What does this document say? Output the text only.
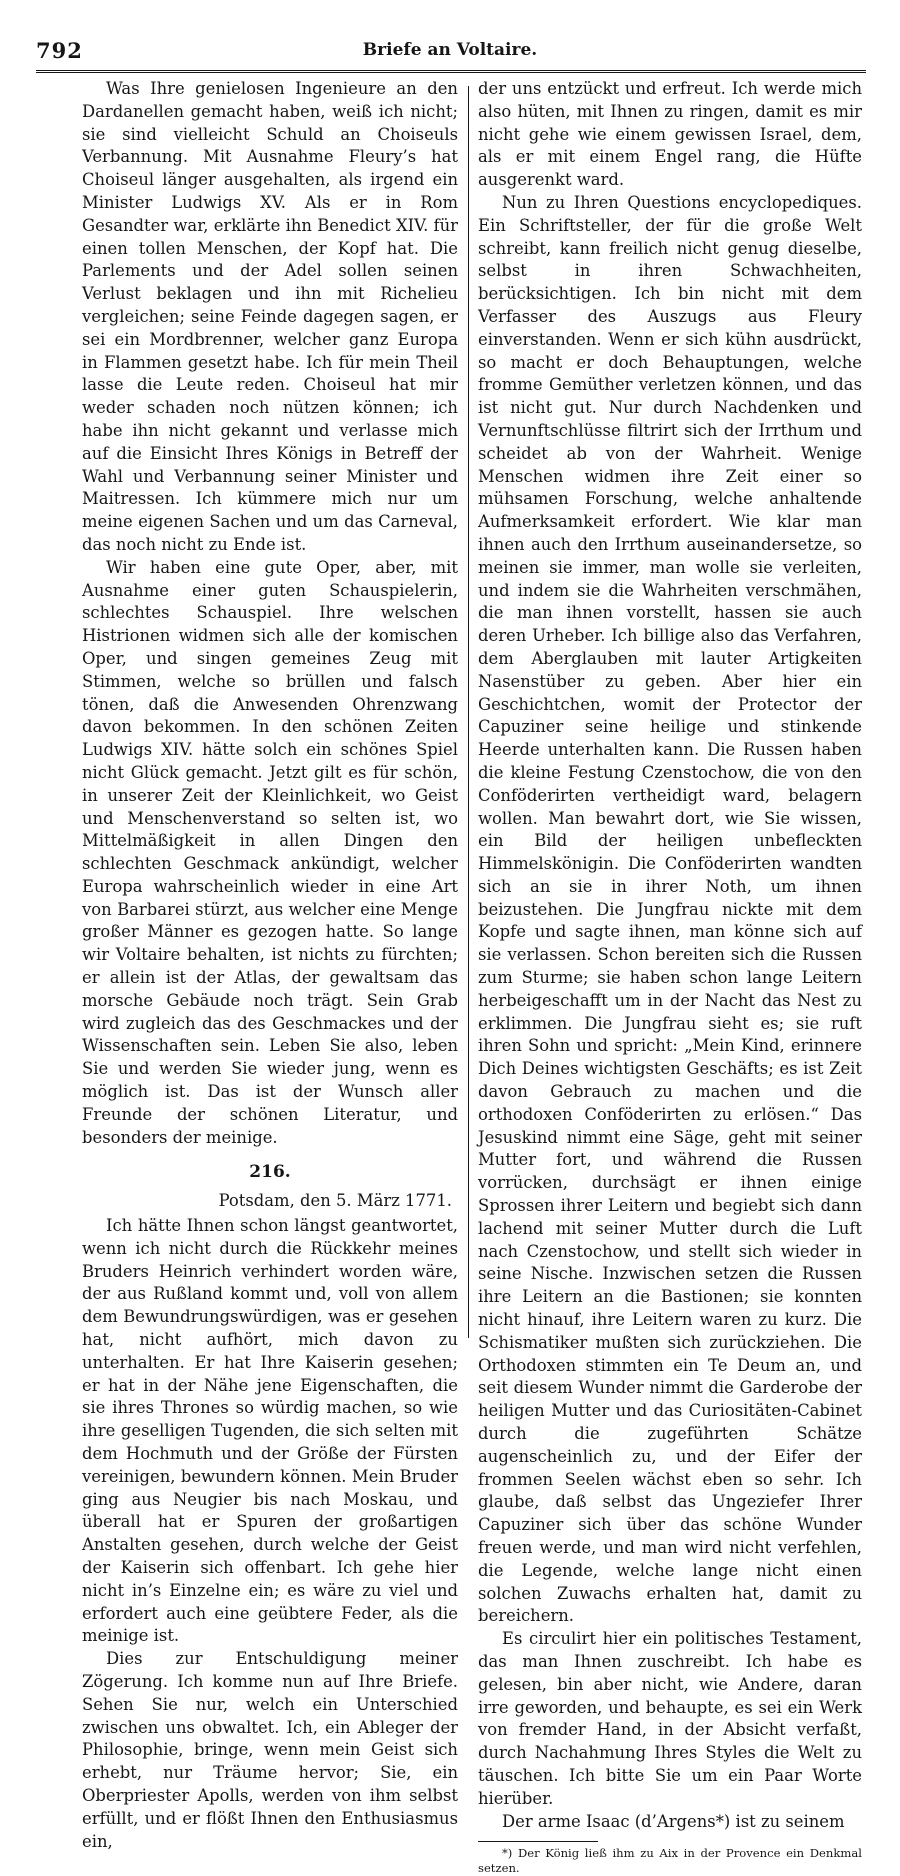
792	Briefe an Voltaire.

Was Ihre genielosen Ingenieure an den Dardanellen gemacht haben, weiß ich nicht; sie sind vielleicht Schuld an Choiseuls Verbannung. Mit Ausnahme Fleury’s hat Choiseul länger ausgehalten, als irgend ein Minister Ludwigs XV. Als er in Rom Gesandter war, erklärte ihn Benedict XIV. für einen tollen Menschen, der Kopf hat. Die Parlements und der Adel sollen seinen Verlust beklagen und ihn mit Richelieu vergleichen; seine Feinde dagegen sagen, er sei ein Mordbrenner, welcher ganz Europa in Flammen gesetzt habe. Ich für mein Theil lasse die Leute reden. Choiseul hat mir weder schaden noch nützen können; ich habe ihn nicht gekannt und verlasse mich auf die Einsicht Ihres Königs in Betreff der Wahl und Verbannung seiner Minister und Maitressen. Ich kümmere mich nur um meine eigenen Sachen und um das Carneval, das noch nicht zu Ende ist.

Wir haben eine gute Oper, aber, mit Ausnahme einer guten Schauspielerin, schlechtes Schauspiel. Ihre welschen Histrionen widmen sich alle der komischen Oper, und singen gemeines Zeug mit Stimmen, welche so brüllen und falsch tönen, daß die Anwesenden Ohrenzwang davon bekommen. In den schönen Zeiten Ludwigs XIV. hätte solch ein schönes Spiel nicht Glück gemacht. Jetzt gilt es für schön, in unserer Zeit der Kleinlichkeit, wo Geist und Menschenverstand so selten ist, wo Mittelmäßigkeit in allen Dingen den schlechten Geschmack ankündigt, welcher Europa wahrscheinlich wieder in eine Art von Barbarei stürzt, aus welcher eine Menge großer Männer es gezogen hatte. So lange wir Voltaire behalten, ist nichts zu fürchten; er allein ist der Atlas, der gewaltsam das morsche Gebäude noch trägt. Sein Grab wird zugleich das des Geschmackes und der Wissenschaften sein. Leben Sie also, leben Sie und werden Sie wieder jung, wenn es möglich ist. Das ist der Wunsch aller Freunde der schönen Literatur, und besonders der meinige.

216.
Potsdam, den 5. März 1771.

Ich hätte Ihnen schon längst geantwortet, wenn ich nicht durch die Rückkehr meines Bruders Heinrich verhindert worden wäre, der aus Rußland kommt und, voll von allem dem Bewundrungswürdigen, was er gesehen hat, nicht aufhört, mich davon zu unterhalten. Er hat Ihre Kaiserin gesehen; er hat in der Nähe jene Eigenschaften, die sie ihres Thrones so würdig machen, so wie ihre geselligen Tugenden, die sich selten mit dem Hochmuth und der Größe der Fürsten vereinigen, bewundern können. Mein Bruder ging aus Neugier bis nach Moskau, und überall hat er Spuren der großartigen Anstalten gesehen, durch welche der Geist der Kaiserin sich offenbart. Ich gehe hier nicht in’s Einzelne ein; es wäre zu viel und erfordert auch eine geübtere Feder, als die meinige ist.

Dies zur Entschuldigung meiner Zögerung. Ich komme nun auf Ihre Briefe. Sehen Sie nur, welch ein Unterschied zwischen uns obwaltet. Ich, ein Ableger der Philosophie, bringe, wenn mein Geist sich erhebt, nur Träume hervor; Sie, ein Oberpriester Apolls, werden von ihm selbst erfüllt, und er flößt Ihnen den Enthusiasmus ein,

der uns entzückt und erfreut. Ich werde mich also hüten, mit Ihnen zu ringen, damit es mir nicht gehe wie einem gewissen Israel, dem, als er mit einem Engel rang, die Hüfte ausgerenkt ward.

Nun zu Ihren Questions encyclopediques. Ein Schriftsteller, der für die große Welt schreibt, kann freilich nicht genug dieselbe, selbst in ihren Schwachheiten, berücksichtigen. Ich bin nicht mit dem Verfasser des Auszugs aus Fleury einverstanden. Wenn er sich kühn ausdrückt, so macht er doch Behauptungen, welche fromme Gemüther verletzen können, und das ist nicht gut. Nur durch Nachdenken und Vernunftschlüsse filtrirt sich der Irrthum und scheidet ab von der Wahrheit. Wenige Menschen widmen ihre Zeit einer so mühsamen Forschung, welche anhaltende Aufmerksamkeit erfordert. Wie klar man ihnen auch den Irrthum auseinandersetze, so meinen sie immer, man wolle sie verleiten, und indem sie die Wahrheiten verschmähen, die man ihnen vorstellt, hassen sie auch deren Urheber. Ich billige also das Verfahren, dem Aberglauben mit lauter Artigkeiten Nasenstüber zu geben. Aber hier ein Geschichtchen, womit der Protector der Capuziner seine heilige und stinkende Heerde unterhalten kann. Die Russen haben die kleine Festung Czenstochow, die von den Conföderirten vertheidigt ward, belagern wollen. Man bewahrt dort, wie Sie wissen, ein Bild der heiligen unbefleckten Himmelskönigin. Die Conföderirten wandten sich an sie in ihrer Noth, um ihnen beizustehen. Die Jungfrau nickte mit dem Kopfe und sagte ihnen, man könne sich auf sie verlassen. Schon bereiten sich die Russen zum Sturme; sie haben schon lange Leitern herbeigeschafft um in der Nacht das Nest zu erklimmen. Die Jungfrau sieht es; sie ruft ihren Sohn und spricht: „Mein Kind, erinnere Dich Deines wichtigsten Geschäfts; es ist Zeit davon Gebrauch zu machen und die orthodoxen Conföderirten zu erlösen.“ Das Jesuskind nimmt eine Säge, geht mit seiner Mutter fort, und während die Russen vorrücken, durchsägt er ihnen einige Sprossen ihrer Leitern und begiebt sich dann lachend mit seiner Mutter durch die Luft nach Czenstochow, und stellt sich wieder in seine Nische. Inzwischen setzen die Russen ihre Leitern an die Bastionen; sie konnten nicht hinauf, ihre Leitern waren zu kurz. Die Schismatiker mußten sich zurückziehen. Die Orthodoxen stimmten ein Te Deum an, und seit diesem Wunder nimmt die Garderobe der heiligen Mutter und das Curiositäten-Cabinet durch die zugeführten Schätze augenscheinlich zu, und der Eifer der frommen Seelen wächst eben so sehr. Ich glaube, daß selbst das Ungeziefer Ihrer Capuziner sich über das schöne Wunder freuen werde, und man wird nicht verfehlen, die Legende, welche lange nicht einen solchen Zuwachs erhalten hat, damit zu bereichern.

Es circulirt hier ein politisches Testament, das man Ihnen zuschreibt. Ich habe es gelesen, bin aber nicht, wie Andere, daran irre geworden, und behaupte, es sei ein Werk von fremder Hand, in der Absicht verfaßt, durch Nachahmung Ihres Styles die Welt zu täuschen. Ich bitte Sie um ein Paar Worte hierüber.

Der arme Isaac (d’Argens*) ist zu seinem

*) Der König ließ ihm zu Aix in der Provence ein Denkmal setzen.
